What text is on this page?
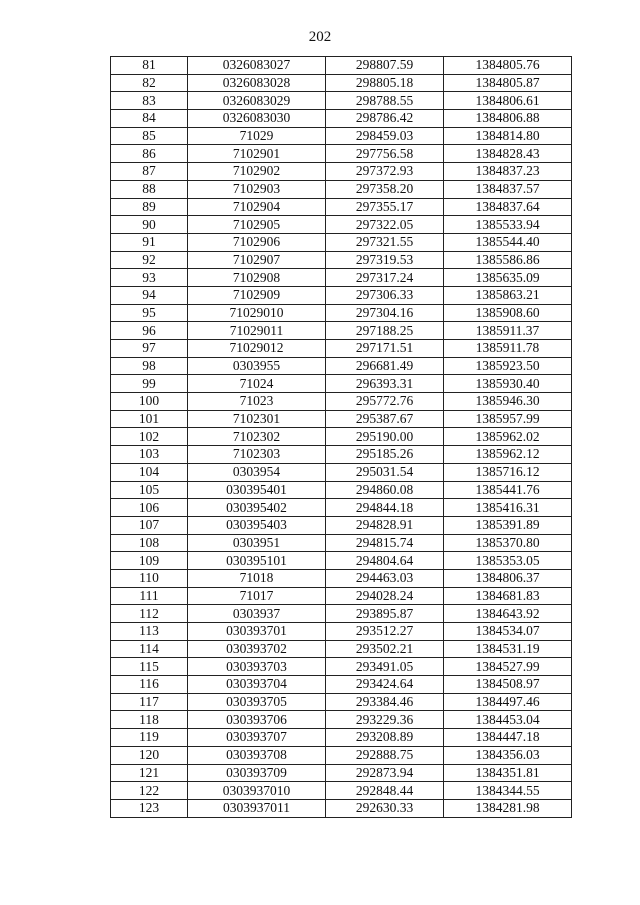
202
81	0326083027	298807.59	1384805.76
82	0326083028	298805.18	1384805.87
83	0326083029	298788.55	1384806.61
84	0326083030	298786.42	1384806.88
85	71029	298459.03	1384814.80
86	7102901	297756.58	1384828.43
87	7102902	297372.93	1384837.23
88	7102903	297358.20	1384837.57
89	7102904	297355.17	1384837.64
90	7102905	297322.05	1385533.94
91	7102906	297321.55	1385544.40
92	7102907	297319.53	1385586.86
93	7102908	297317.24	1385635.09
94	7102909	297306.33	1385863.21
95	71029010	297304.16	1385908.60
96	71029011	297188.25	1385911.37
97	71029012	297171.51	1385911.78
98	0303955	296681.49	1385923.50
99	71024	296393.31	1385930.40
100	71023	295772.76	1385946.30
101	7102301	295387.67	1385957.99
102	7102302	295190.00	1385962.02
103	7102303	295185.26	1385962.12
104	0303954	295031.54	1385716.12
105	030395401	294860.08	1385441.76
106	030395402	294844.18	1385416.31
107	030395403	294828.91	1385391.89
108	0303951	294815.74	1385370.80
109	030395101	294804.64	1385353.05
110	71018	294463.03	1384806.37
111	71017	294028.24	1384681.83
112	0303937	293895.87	1384643.92
113	030393701	293512.27	1384534.07
114	030393702	293502.21	1384531.19
115	030393703	293491.05	1384527.99
116	030393704	293424.64	1384508.97
117	030393705	293384.46	1384497.46
118	030393706	293229.36	1384453.04
119	030393707	293208.89	1384447.18
120	030393708	292888.75	1384356.03
121	030393709	292873.94	1384351.81
122	0303937010	292848.44	1384344.55
123	0303937011	292630.33	1384281.98
